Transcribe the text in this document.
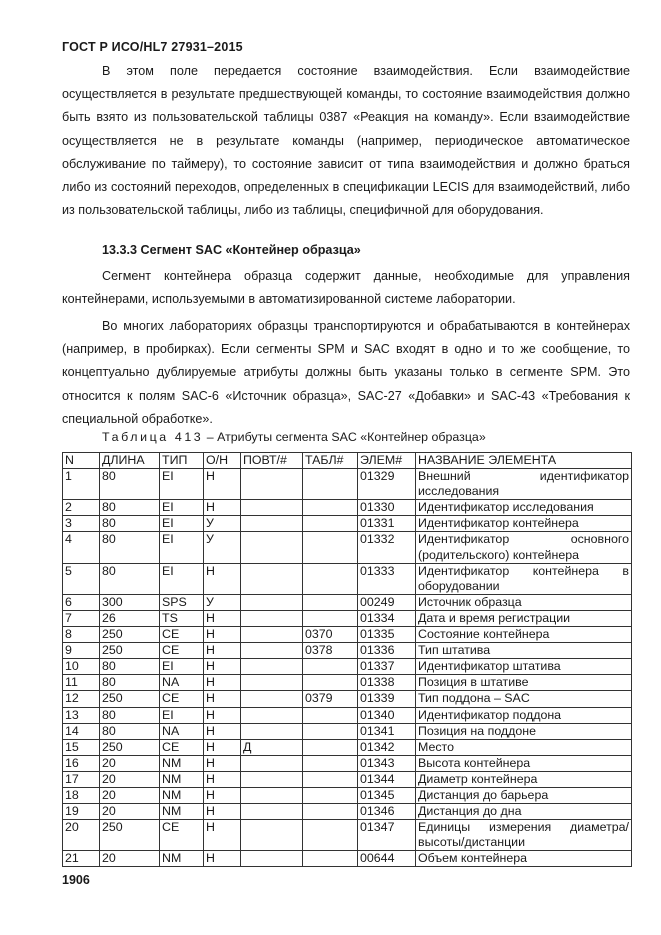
ГОСТ Р ИСО/HL7 27931–2015

В этом поле передается состояние взаимодействия. Если взаимодействие осуществляется в результате предшествующей команды, то состояние взаимодействия должно быть взято из пользовательской таблицы 0387 «Реакция на команду». Если взаимодействие осуществляется не в результате команды (например, периодическое автоматическое обслуживание по таймеру), то состояние зависит от типа взаимодействия и должно браться либо из состояний переходов, определенных в спецификации LECIS для взаимодействий, либо из пользовательской таблицы, либо из таблицы, специфичной для оборудования.

13.3.3 Сегмент SAC «Контейнер образца»

Сегмент контейнера образца содержит данные, необходимые для управления контейнерами, используемыми в автоматизированной системе лаборатории.

Во многих лабораториях образцы транспортируются и обрабатываются в контейнерах (например, в пробирках). Если сегменты SPM и SAC входят в одно и то же сообщение, то концептуально дублируемые атрибуты должны быть указаны только в сегменте SPM. Это относится к полям SAC-6 «Источник образца», SAC-27 «Добавки» и SAC-43 «Требования к специальной обработке».

Таблица 413 – Атрибуты сегмента SAC «Контейнер образца»
N	ДЛИНА	ТИП	О/Н	ПОВТ/#	ТАБЛ#	ЭЛЕМ#	НАЗВАНИЕ ЭЛЕМЕНТА
1	80	EI	Н			01329	Внешний идентификатор исследования
2	80	EI	Н			01330	Идентификатор исследования
3	80	EI	У			01331	Идентификатор контейнера
4	80	EI	У			01332	Идентификатор основного (родительского) контейнера
5	80	EI	Н			01333	Идентификатор контейнера в оборудовании
6	300	SPS	У			00249	Источник образца
7	26	TS	Н			01334	Дата и время регистрации
8	250	CE	Н		0370	01335	Состояние контейнера
9	250	CE	Н		0378	01336	Тип штатива
10	80	EI	Н			01337	Идентификатор штатива
11	80	NA	Н			01338	Позиция в штативе
12	250	CE	Н		0379	01339	Тип поддона – SAC
13	80	EI	Н			01340	Идентификатор поддона
14	80	NA	Н			01341	Позиция на поддоне
15	250	CE	Н	Д		01342	Место
16	20	NM	Н			01343	Высота контейнера
17	20	NM	Н			01344	Диаметр контейнера
18	20	NM	Н			01345	Дистанция до барьера
19	20	NM	Н			01346	Дистанция до дна
20	250	CE	Н			01347	Единицы измерения диаметра/высоты/дистанции
21	20	NM	Н			00644	Объем контейнера
1906
